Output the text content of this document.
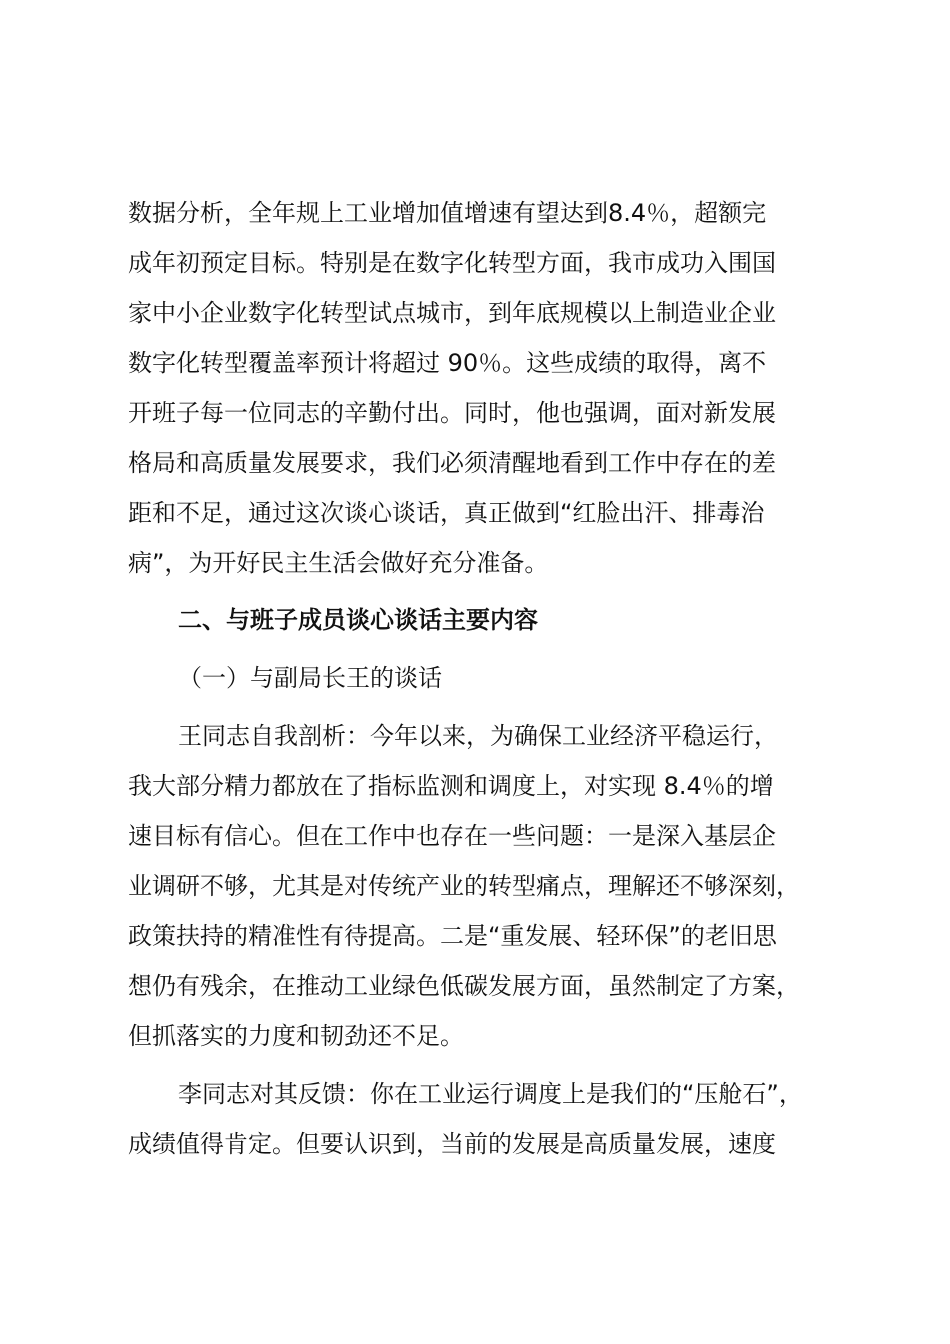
数据分析，全年规上工业增加值增速有望达到8.4％，超额完
成年初预定目标。特别是在数字化转型方面，我市成功入围国
家中小企业数字化转型试点城市，到年底规模以上制造业企业
数字化转型覆盖率预计将超过 90％。这些成绩的取得，离不
开班子每一位同志的辛勤付出。同时，他也强调，面对新发展
格局和高质量发展要求，我们必须清醒地看到工作中存在的差
距和不足，通过这次谈心谈话，真正做到“红脸出汗、排毒治
病”，为开好民主生活会做好充分准备。
二、与班子成员谈心谈话主要内容
（一）与副局长王的谈话
王同志自我剖析：今年以来，为确保工业经济平稳运行，
我大部分精力都放在了指标监测和调度上，对实现 8.4％的增
速目标有信心。但在工作中也存在一些问题：一是深入基层企
业调研不够，尤其是对传统产业的转型痛点，理解还不够深刻，
政策扶持的精准性有待提高。二是“重发展、轻环保”的老旧思
想仍有残余，在推动工业绿色低碳发展方面，虽然制定了方案，
但抓落实的力度和韧劲还不足。
李同志对其反馈：你在工业运行调度上是我们的“压舱石”，
成绩值得肯定。但要认识到，当前的发展是高质量发展，速度
